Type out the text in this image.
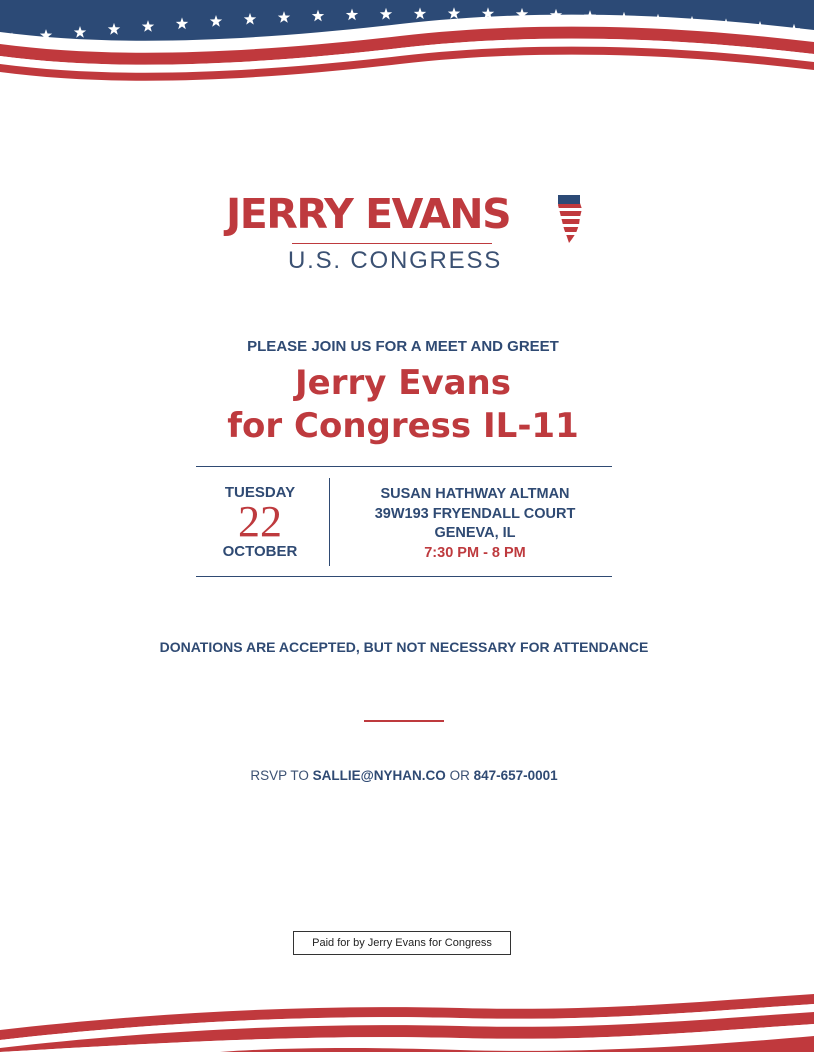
JERRY EVANS
U.S. CONGRESS
PLEASE JOIN US FOR A MEET AND GREET
Jerry Evans
for Congress IL-11
TUESDAY
22
OCTOBER
SUSAN HATHWAY ALTMAN
39W193 FRYENDALL COURT
GENEVA, IL
7:30 PM - 8 PM
DONATIONS ARE ACCEPTED, BUT NOT NECESSARY FOR ATTENDANCE
RSVP TO SALLIE@NYHAN.CO OR 847-657-0001
Paid for by Jerry Evans for Congress
